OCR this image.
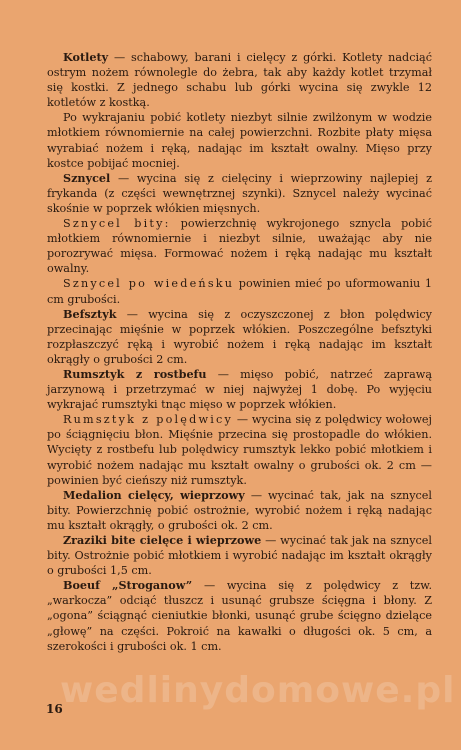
Kotlety — schabowy, barani i cielęcy z górki. Kotlety nadciąć ostrym nożem równolegle do żebra, tak aby każdy kotlet trzymał się kostki. Z jednego schabu lub górki wycina się zwykle 12 kotletów z kostką.

Po wykrajaniu pobić kotlety niezbyt silnie zwilżonym w wodzie młotkiem równomiernie na całej powierzchni. Rozbite płaty mięsa wyrabiać nożem i ręką, nadając im kształt owalny. Mięso przy kostce pobijać mocniej.

Sznycel — wycina się z cielęciny i wieprzowiny najlepiej z frykanda (z części wewnętrznej szynki). Sznycel należy wycinać skośnie w poprzek włókien mięsnych.

Sznycel bity: powierzchnię wykrojonego sznycla pobić młotkiem równomiernie i niezbyt silnie, uważając aby nie porozrywać mięsa. Formować nożem i ręką nadając mu kształt owalny.

Sznycel po wiedeńsku powinien mieć po uformowaniu 1 cm grubości.

Befsztyk — wycina się z oczyszczonej z błon polędwicy przecinając mięśnie w poprzek włókien. Poszczególne befsztyki rozpłaszczyć ręką i wyrobić nożem i ręką nadając im kształt okrągły o grubości 2 cm.

Rumsztyk z rostbefu — mięso pobić, natrzeć zaprawą jarzynową i przetrzymać w niej najwyżej 1 dobę. Po wyjęciu wykrajać rumsztyki tnąc mięso w poprzek włókien.

Rumsztyk z polędwicy — wycina się z polędwicy wołowej po ściągnięciu błon. Mięśnie przecina się prostopadle do włókien. Wycięty z rostbefu lub polędwicy rumsztyk lekko pobić młotkiem i wyrobić nożem nadając mu kształt owalny o grubości ok. 2 cm — powinien być cieńszy niż rumsztyk.

Medalion cielęcy, wieprzowy — wycinać tak, jak na sznycel bity. Powierzchnię pobić ostrożnie, wyrobić nożem i ręką nadając mu kształt okrągły, o grubości ok. 2 cm.

Zraziki bite cielęce i wieprzowe — wycinać tak jak na sznycel bity. Ostrożnie pobić młotkiem i wyrobić nadając im kształt okrągły o grubości 1,5 cm.

Boeuf „Stroganow” — wycina się z polędwicy z tzw. „warkocza” odciąć tłuszcz i usunąć grubsze ścięgna i błony. Z „ogona” ściągnąć cieniutkie błonki, usunąć grube ścięgno dzielące „głowę” na części. Pokroić na kawałki o długości ok. 5 cm, a szerokości i grubości ok. 1 cm.

wedlinydomowe.pl
16
